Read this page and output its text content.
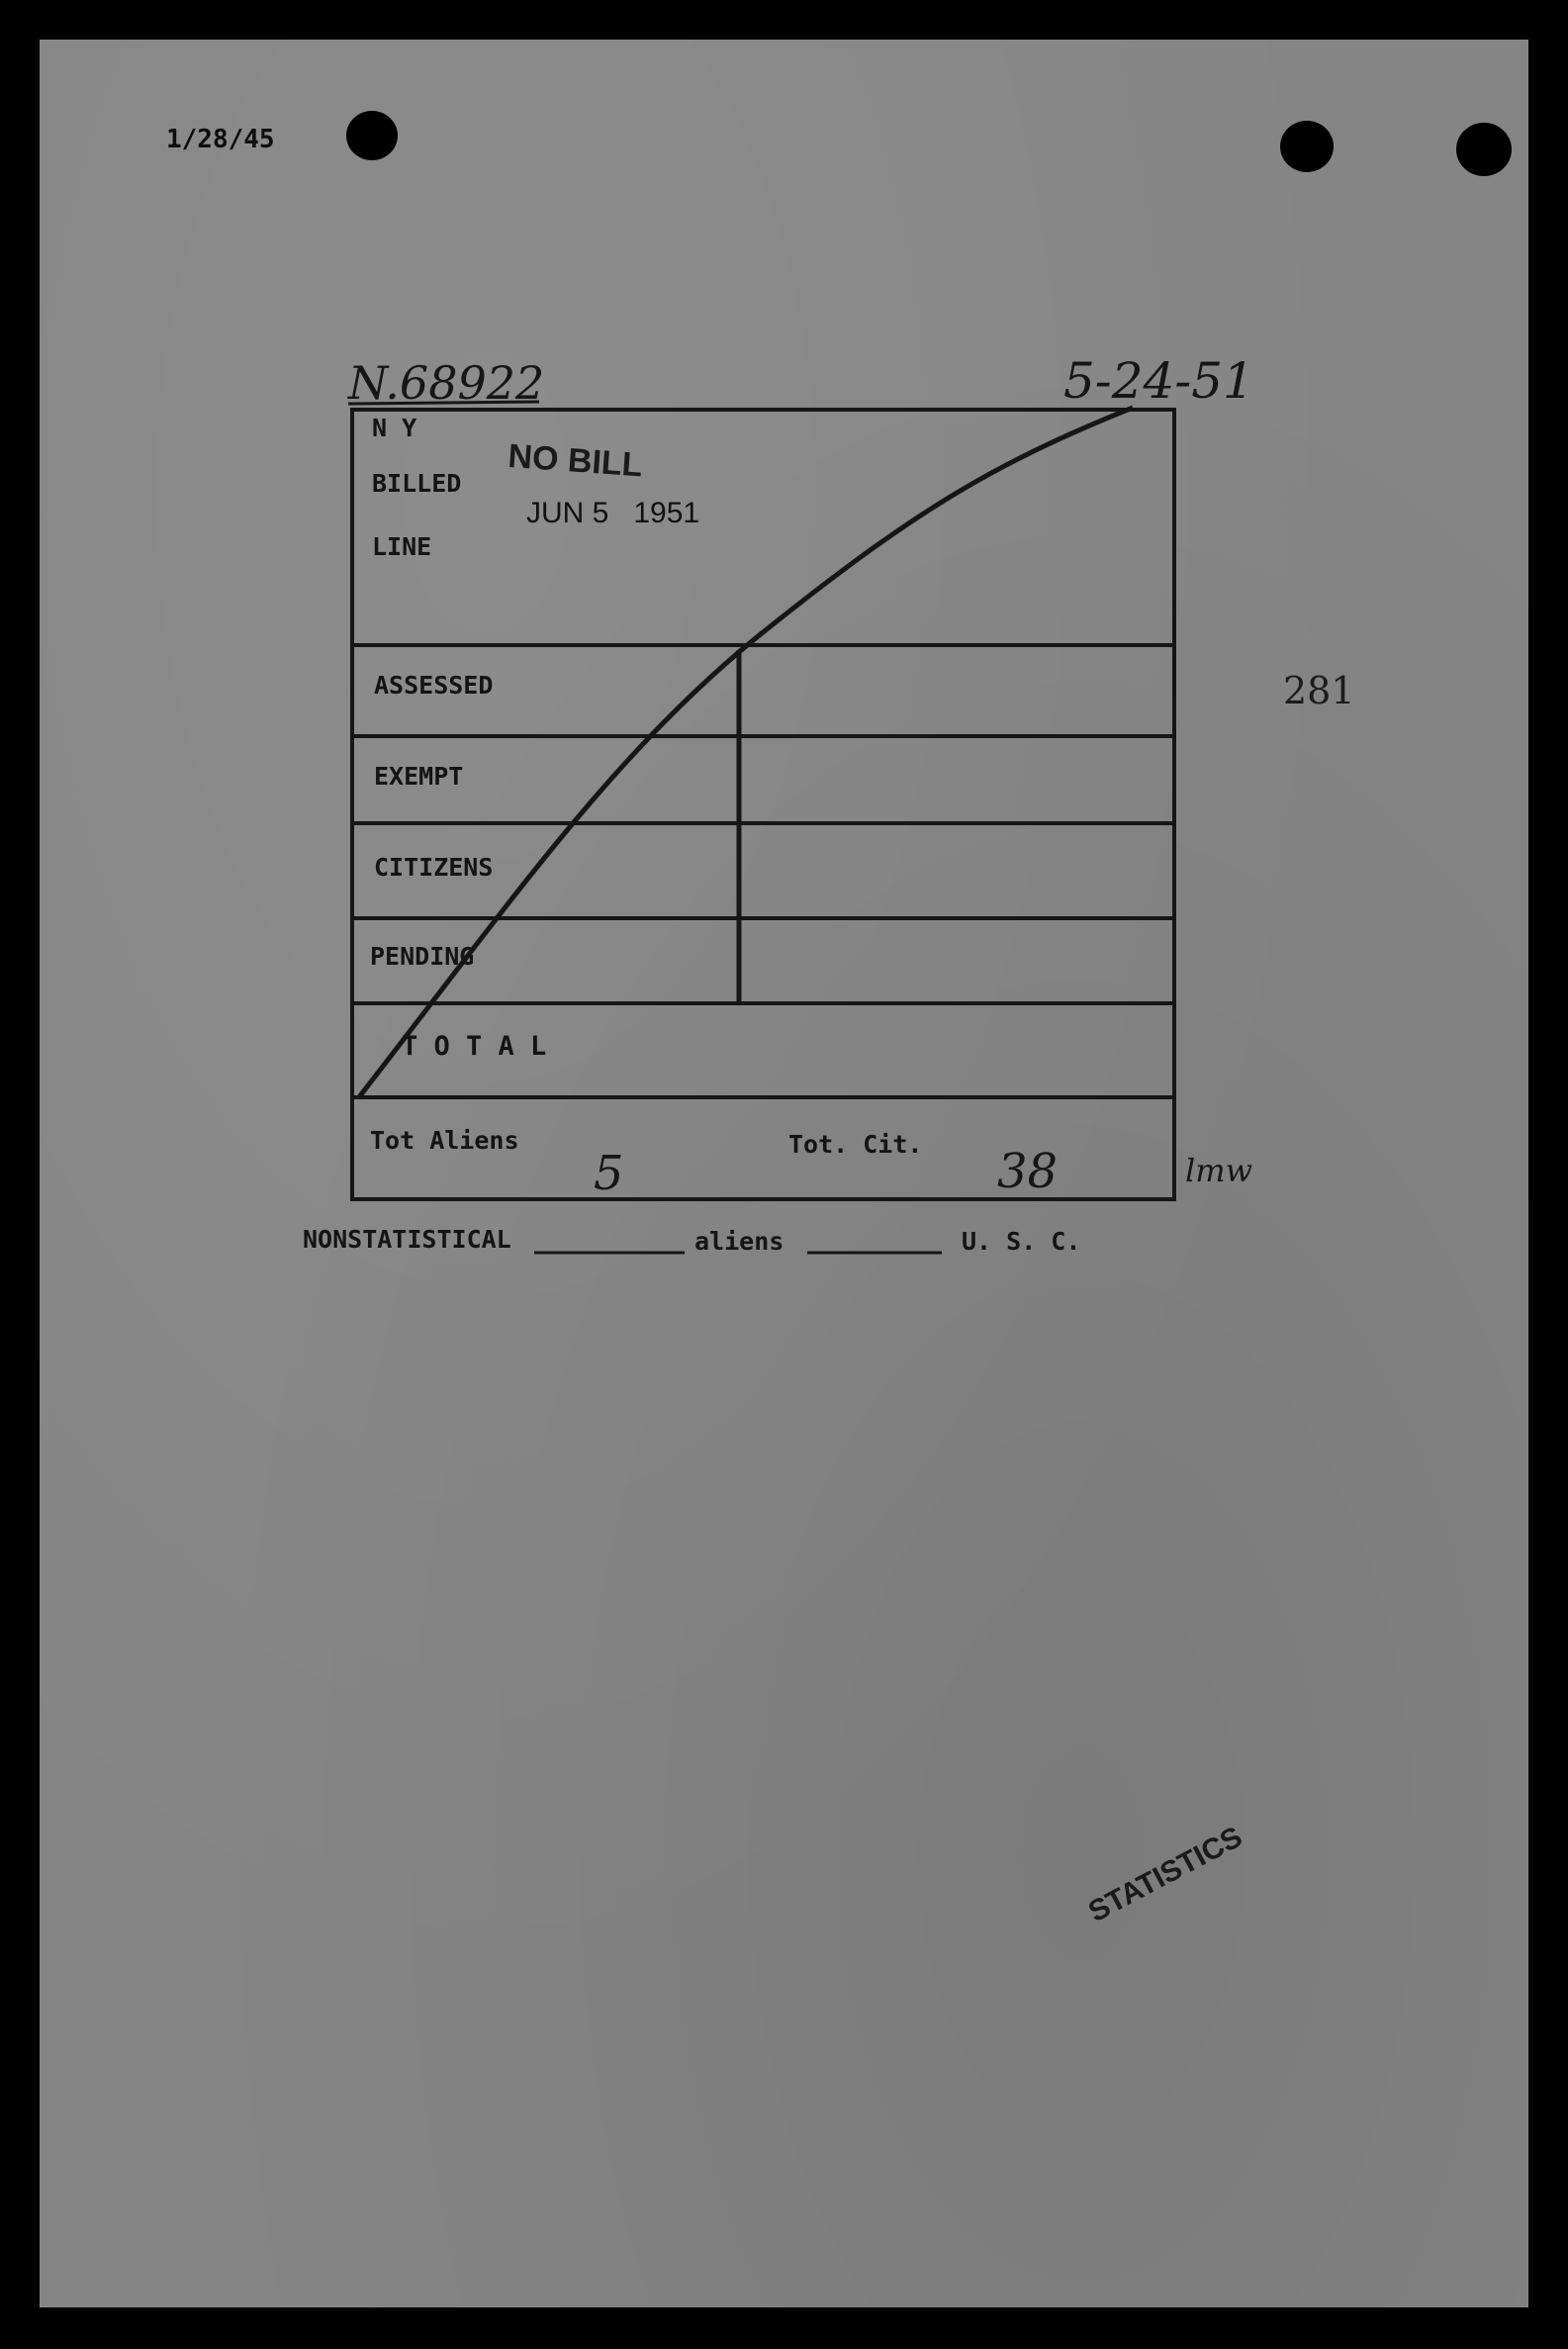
1/28/45
N.68922	5-24-51
N Y
BILLED
LINE
NO BILL
JUN 5   1951
ASSESSED
EXEMPT
CITIZENS
PENDING
T O T A L
Tot Aliens
5
Tot. Cit. 38	lmw
281
NONSTATISTICAL	aliens	U. S. C.
STATISTICS
